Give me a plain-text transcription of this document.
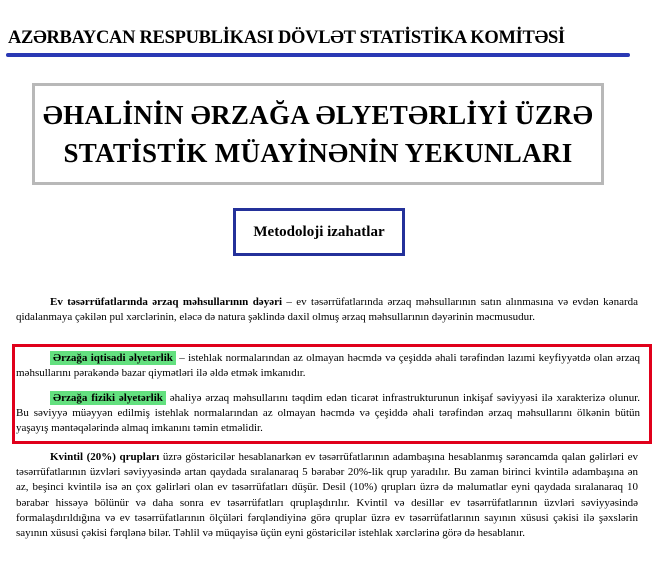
AZƏRBAYCAN RESPUBLİKASI DÖVLƏT STATİSTİKA KOMİTƏSİ
ƏHALİNİN ƏRZAĞA ƏLYETƏRLİYİ ÜZRƏ
STATİSTİK MÜAYİNƏNİN YEKUNLARI
Metodoloji izahatlar

Ev təsərrüfatlarında ərzaq məhsullarının dəyəri – ev təsərrüfatlarında ərzaq məhsullarının satın alınmasına və evdən kənarda qidalanmaya çəkilən pul xərclərinin, eləcə də natura şəklində daxil olmuş ərzaq məhsullarının dəyərinin məcmusudur.

Ərzağa iqtisadi əlyetərlik – istehlak normalarından az olmayan həcmdə və çeşiddə əhali tərəfindən lazımi keyfiyyətdə olan ərzaq məhsullarını pərakəndə bazar qiymətləri ilə əldə etmək imkanıdır.

Ərzağa fiziki əlyetərlik əhaliyə ərzaq məhsullarını təqdim edən ticarət infrastrukturunun inkişaf səviyyəsi ilə xarakterizə olunur. Bu səviyyə müəyyən edilmiş istehlak normalarından az olmayan həcmdə və çeşiddə əhali tərəfindən ərzaq məhsullarını ölkənin bütün yaşayış məntəqələrində almaq imkanını təmin etməlidir.

Kvintil (20%) qrupları üzrə göstəricilər hesablanarkən ev təsərrüfatlarının adambaşına hesablanmış sərəncamda qalan gəlirləri ev təsərrüfatlarının üzvləri səviyyəsində artan qaydada sıralanaraq 5 bərabər 20%-lik qrup yaradılır. Bu zaman birinci kvintilə adambaşına ən az, beşinci kvintilə isə ən çox gəlirləri olan ev təsərrüfatları düşür. Desil (10%) qrupları üzrə də məlumatlar eyni qaydada sıralanaraq 10 bərabər hissəyə bölünür və daha sonra ev təsərrüfatları qruplaşdırılır. Kvintil və desillər ev təsərrüfatlarının üzvləri səviyyəsində formalaşdırıldığına və ev təsərrüfatlarının ölçüləri fərqləndiyinə görə qruplar üzrə ev təsərrüfatlarının sayının xüsusi çəkisi ilə şəxslərin sayının xüsusi çəkisi fərqlənə bilər. Təhlil və müqayisə üçün eyni göstəricilər istehlak xərclərinə görə də hesablanır.
